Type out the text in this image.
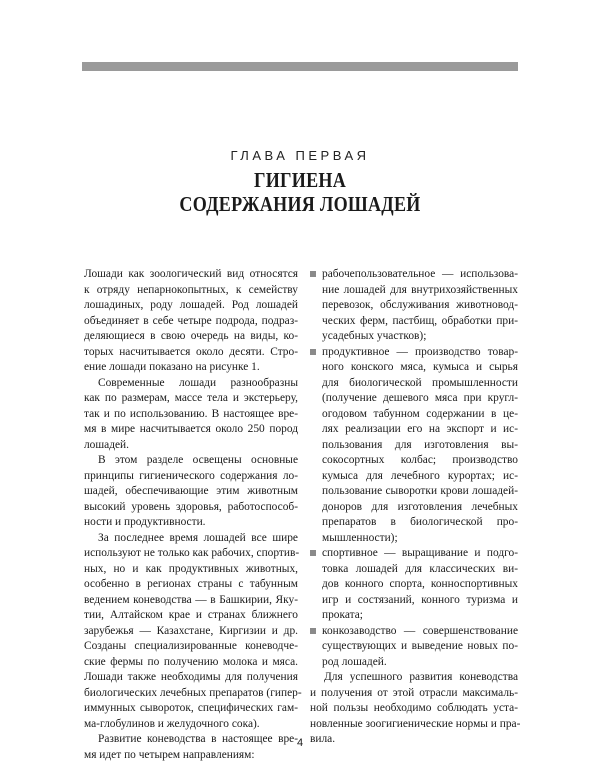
ГЛАВА ПЕРВАЯ
ГИГИЕНА
СОДЕРЖАНИЯ ЛОШАДЕЙ
Лошади как зоологический вид относятся
к отряду непарнокопытных, к семейству
лошадиных, роду лошадей. Род лошадей
объединяет в себе четыре подрода, подраз-
деляющиеся в свою очередь на виды, ко-
торых насчитывается около десяти. Стро-
ение лошади показано на рисунке 1.
Современные лошади разнообразны
как по размерам, массе тела и экстерьеру,
так и по использованию. В настоящее вре-
мя в мире насчитывается около 250 пород
лошадей.
В этом разделе освещены основные
принципы гигиенического содержания ло-
шадей, обеспечивающие этим животным
высокий уровень здоровья, работоспособ-
ности и продуктивности.
За последнее время лошадей все шире
используют не только как рабочих, спортив-
ных, но и как продуктивных животных,
особенно в регионах страны с табунным
ведением коневодства — в Башкирии, Яку-
тии, Алтайском крае и странах ближнего
зарубежья — Казахстане, Киргизии и др.
Созданы специализированные коневодче-
ские фермы по получению молока и мяса.
Лошади также необходимы для получения
биологических лечебных препаратов (гипер-
иммунных сывороток, специфических гам-
ма-глобулинов и желудочного сока).
Развитие коневодства в настоящее вре-
мя идет по четырем направлениям:
рабочепользовательное — использова-
ние лошадей для внутрихозяйственных
перевозок, обслуживания животновод-
ческих ферм, пастбищ, обработки при-
усадебных участков);
продуктивное — производство товар-
ного конского мяса, кумыса и сырья
для биологической промышленности
(получение дешевого мяса при кругл-
огодовом табунном содержании в це-
лях реализации его на экспорт и ис-
пользования для изготовления вы-
сокосортных колбас; производство
кумыса для лечебного курортах; ис-
пользование сыворотки крови лошадей-
доноров для изготовления лечебных
препаратов в биологической про-
мышленности);
спортивное — выращивание и подго-
товка лошадей для классических ви-
дов конного спорта, конноспортивных
игр и состязаний, конного туризма и
проката;
конкозаводство — совершенствование
существующих и выведение новых по-
род лошадей.
Для успешного развития коневодства
и получения от этой отрасли максималь-
ной пользы необходимо соблюдать уста-
новленные зоогигиенические нормы и пра-
вила.
4
